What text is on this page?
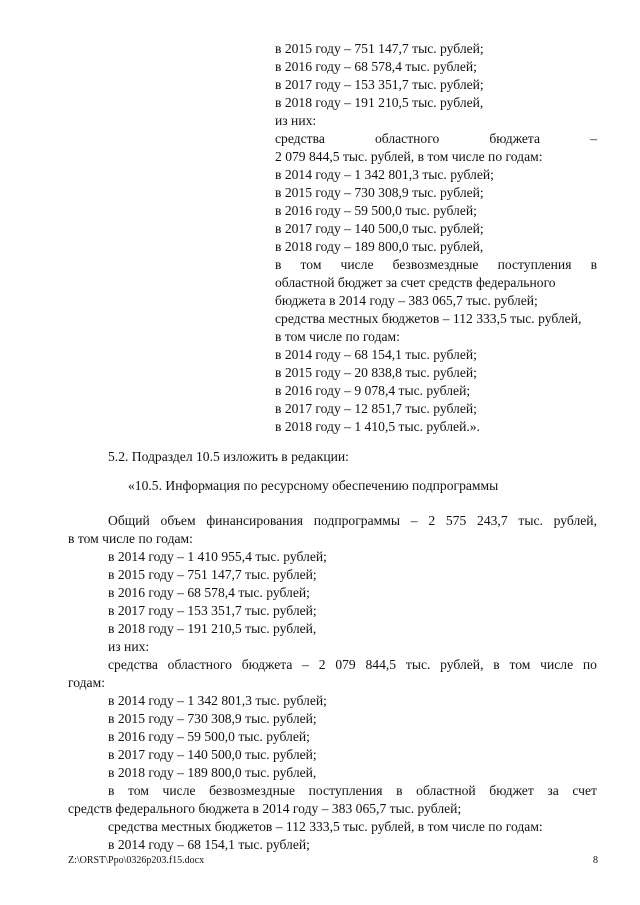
в 2015 году – 751 147,7 тыс. рублей;
в 2016 году – 68 578,4 тыс. рублей;
в 2017 году – 153 351,7 тыс. рублей;
в 2018 году – 191 210,5 тыс. рублей,
из них:
средства	областного	бюджета	–
2 079 844,5 тыс. рублей, в том числе по годам:
в 2014 году – 1 342 801,3 тыс. рублей;
в 2015 году – 730 308,9 тыс. рублей;
в 2016 году – 59 500,0 тыс. рублей;
в 2017 году – 140 500,0 тыс. рублей;
в 2018 году – 189 800,0 тыс. рублей,
в том числе безвозмездные поступления в
областной бюджет за счет средств федерального
бюджета в 2014 году – 383 065,7 тыс. рублей;
средства местных бюджетов – 112 333,5 тыс. рублей,
в том числе по годам:
в 2014 году – 68 154,1 тыс. рублей;
в 2015 году – 20 838,8 тыс. рублей;
в 2016 году – 9 078,4 тыс. рублей;
в 2017 году – 12 851,7 тыс. рублей;
в 2018 году – 1 410,5 тыс. рублей.».
5.2. Подраздел 10.5 изложить в редакции:
«10.5. Информация по ресурсному обеспечению подпрограммы
Общий объем финансирования подпрограммы – 2 575 243,7 тыс. рублей,
в том числе по годам:
в 2014 году – 1 410 955,4 тыс. рублей;
в 2015 году – 751 147,7 тыс. рублей;
в 2016 году – 68 578,4 тыс. рублей;
в 2017 году – 153 351,7 тыс. рублей;
в 2018 году – 191 210,5 тыс. рублей,
из них:
средства областного бюджета – 2 079 844,5 тыс. рублей, в том числе по
годам:
в 2014 году – 1 342 801,3 тыс. рублей;
в 2015 году – 730 308,9 тыс. рублей;
в 2016 году – 59 500,0 тыс. рублей;
в 2017 году – 140 500,0 тыс. рублей;
в 2018 году – 189 800,0 тыс. рублей,
в том числе безвозмездные поступления в областной бюджет за счет
средств федерального бюджета в 2014 году – 383 065,7 тыс. рублей;
средства местных бюджетов – 112 333,5 тыс. рублей, в том числе по годам:
в 2014 году – 68 154,1 тыс. рублей;
Z:\ORST\Ppo\0326p203.f15.docx	8
